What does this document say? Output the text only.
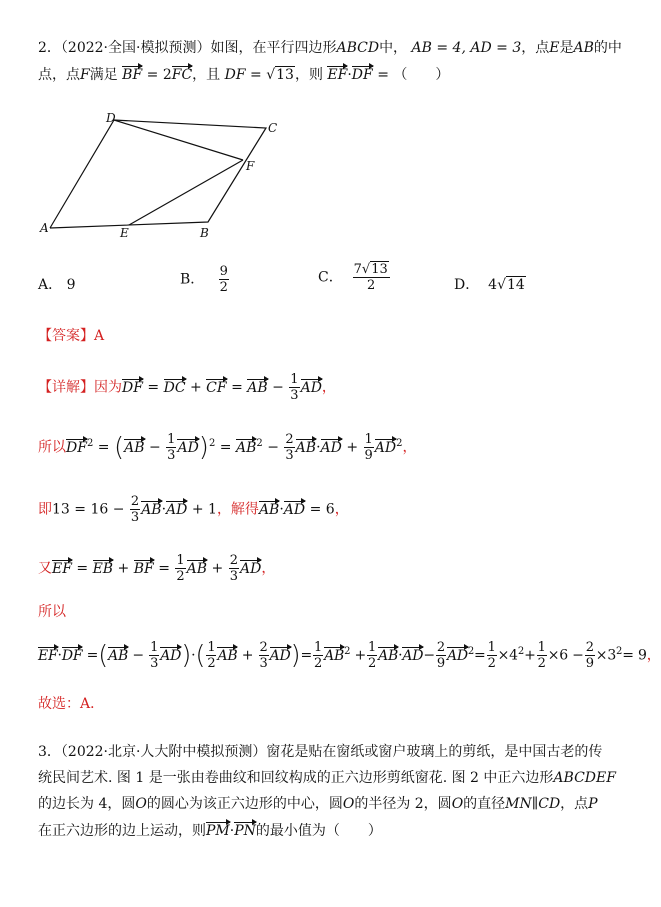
2．（2022·全国·模拟预测）如图，在平行四边形ABCD中， AB = 4, AD = 3，点E是AB的中
点，点F满足 BF = 2FC，且 DF = √13，则 EF·DF = （　　）
D
C
F
A	E	B
A． 9	B． $\frac{9}{2}$	C． $\frac{7√13}{2}$	D． 4√14
【答案】A
【详解】因为DF = DC + CF = AB − $\frac{1}{3}$ AD，
所以$DF^2 = (AB - \frac{1}{3} AD)^2 = AB^2 - \frac{2}{3} AB\cdot AD + \frac{1}{9} AD^2$，
即$13 = 16 - \frac{2}{3} AB\cdot AD + 1$，解得AB·AD = 6，
又EF = EB + BF = $\frac{1}{2}$ AB + $\frac{2}{3}$ AD，
所以
$EF\cdot DF =(AB - \frac{1}{3} AD)\cdot( \frac{1}{2}$ AB + $\frac{2}{3} AD)= \frac{1}{2} AB^2 + \frac{1}{2} AB\cdot AD- \frac{2}{9} AD^2= \frac{1}{2} \times 4^2+ \frac{1}{2} \times 6 - \frac{2}{9} \times 3^2= 9$，
故选：A．
3．（2022·北京·人大附中模拟预测）窗花是贴在窗纸或窗户玻璃上的剪纸，是中国古老的传
统民间艺术. 图 1 是一张由卷曲纹和回纹构成的正六边形剪纸窗花. 图 2 中正六边形ABCDEF
的边长为 4，圆O的圆心为该正六边形的中心，圆O的半径为 2，圆O的直径MN∥CD，点P
在正六边形的边上运动，则PM·PN的最小值为（　　）
